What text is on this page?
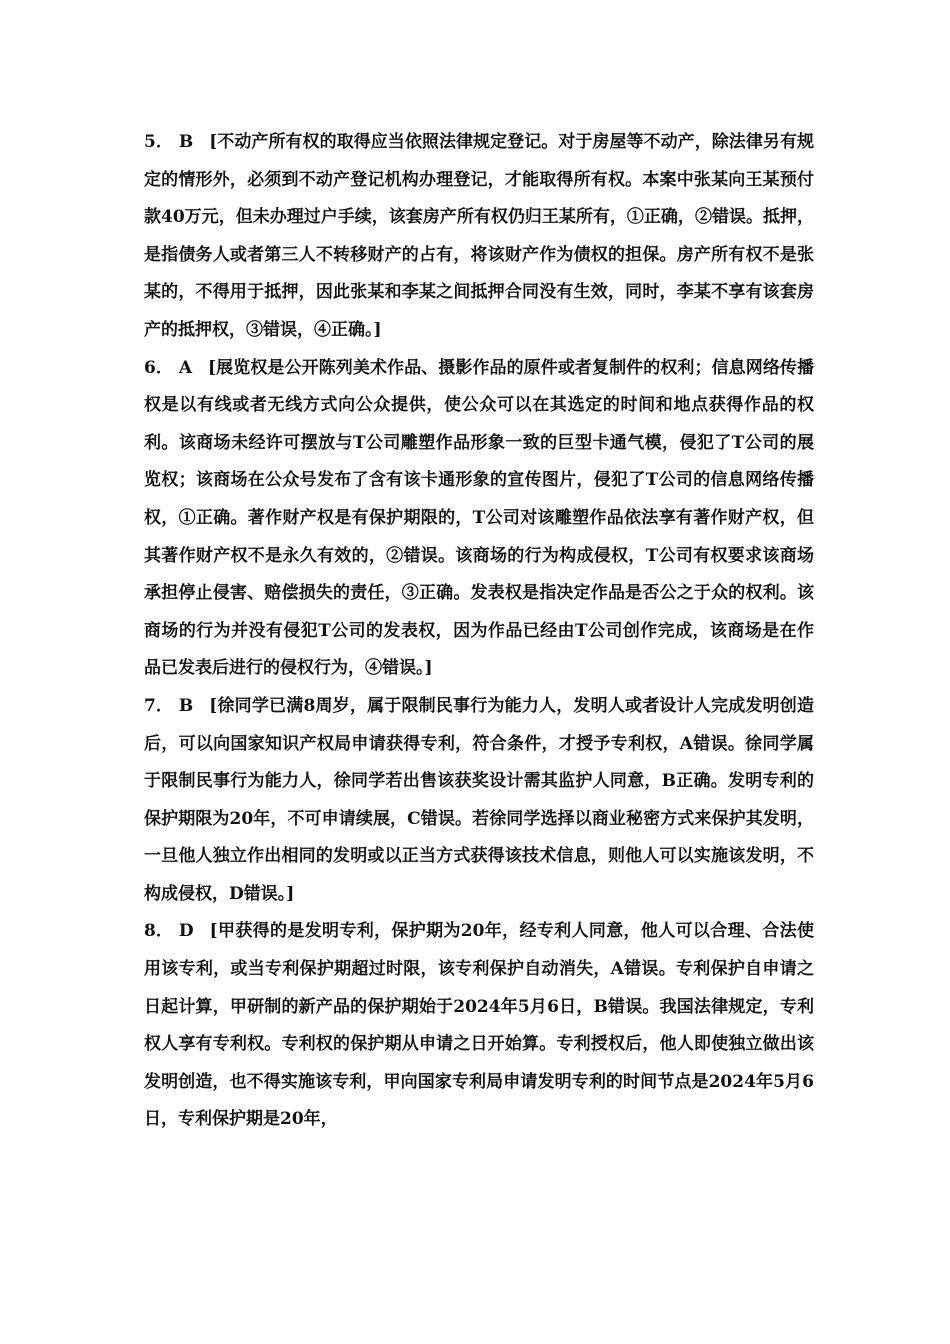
5． B [不动产所有权的取得应当依照法律规定登记。对于房屋等不动产，除法律另有规定的情形外，必须到不动产登记机构办理登记，才能取得所有权。本案中张某向王某预付款40万元，但未办理过户手续，该套房产所有权仍归王某所有，①正确，②错误。抵押，是指债务人或者第三人不转移财产的占有，将该财产作为债权的担保。房产所有权不是张某的，不得用于抵押，因此张某和李某之间抵押合同没有生效，同时，李某不享有该套房产的抵押权，③错误，④正确。]

6． A [展览权是公开陈列美术作品、摄影作品的原件或者复制件的权利；信息网络传播权是以有线或者无线方式向公众提供，使公众可以在其选定的时间和地点获得作品的权利。该商场未经许可摆放与T公司雕塑作品形象一致的巨型卡通气模，侵犯了T公司的展览权；该商场在公众号发布了含有该卡通形象的宣传图片，侵犯了T公司的信息网络传播权，①正确。著作财产权是有保护期限的，T公司对该雕塑作品依法享有著作财产权，但其著作财产权不是永久有效的，②错误。该商场的行为构成侵权，T公司有权要求该商场承担停止侵害、赔偿损失的责任，③正确。发表权是指决定作品是否公之于众的权利。该商场的行为并没有侵犯T公司的发表权，因为作品已经由T公司创作完成，该商场是在作品已发表后进行的侵权行为，④错误。]

7． B [徐同学已满8周岁，属于限制民事行为能力人，发明人或者设计人完成发明创造后，可以向国家知识产权局申请获得专利，符合条件，才授予专利权，A错误。徐同学属于限制民事行为能力人，徐同学若出售该获奖设计需其监护人同意，B正确。发明专利的保护期限为20年，不可申请续展，C错误。若徐同学选择以商业秘密方式来保护其发明，一旦他人独立作出相同的发明或以正当方式获得该技术信息，则他人可以实施该发明，不构成侵权，D错误。]

8． D [甲获得的是发明专利，保护期为20年，经专利人同意，他人可以合理、合法使用该专利，或当专利保护期超过时限，该专利保护自动消失，A错误。专利保护自申请之日起计算，甲研制的新产品的保护期始于2024年5月6日，B错误。我国法律规定，专利权人享有专利权。专利权的保护期从申请之日开始算。专利授权后，他人即使独立做出该发明创造，也不得实施该专利，甲向国家专利局申请发明专利的时间节点是2024年5月6日，专利保护期是20年，
